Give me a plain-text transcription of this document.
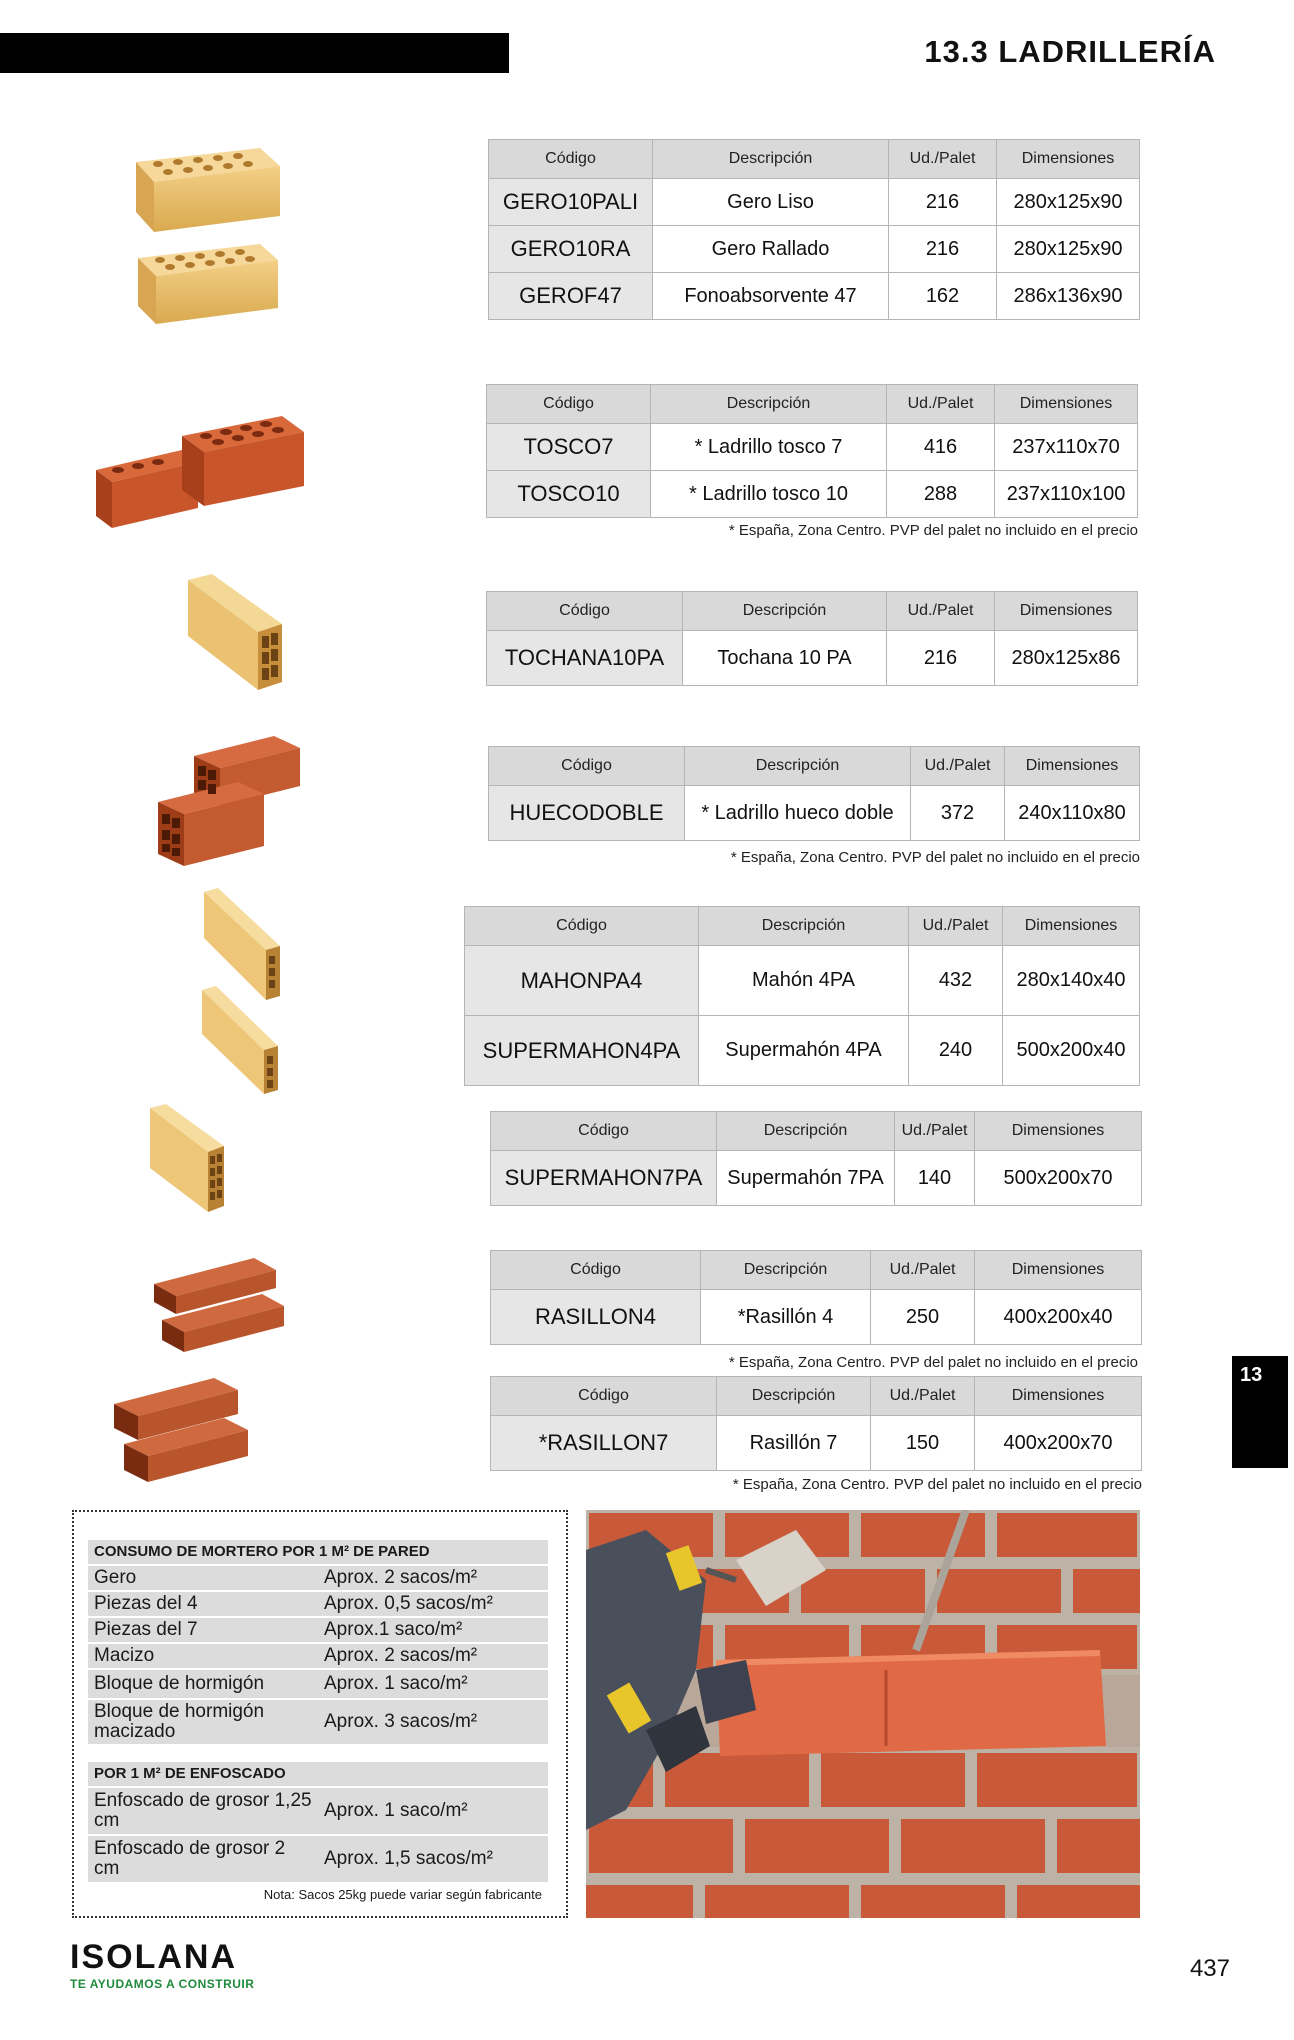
13.3 LADRILLERÍA
Código	Descripción	Ud./Palet	Dimensiones
GERO10PALI	Gero Liso	216	280x125x90
GERO10RA	Gero Rallado	216	280x125x90
GEROF47	Fonoabsorvente 47	162	286x136x90
Código	Descripción	Ud./Palet	Dimensiones
TOSCO7	* Ladrillo tosco 7	416	237x110x70
TOSCO10	* Ladrillo tosco 10	288	237x110x100
* España, Zona Centro. PVP del palet no incluido en el precio
Código	Descripción	Ud./Palet	Dimensiones
TOCHANA10PA	Tochana 10 PA	216	280x125x86
Código	Descripción	Ud./Palet	Dimensiones
HUECODOBLE	* Ladrillo hueco doble	372	240x110x80
* España, Zona Centro. PVP del palet no incluido en el precio
Código	Descripción	Ud./Palet	Dimensiones
MAHONPA4	Mahón 4PA	432	280x140x40
SUPERMAHON4PA	Supermahón 4PA	240	500x200x40
Código	Descripción	Ud./Palet	Dimensiones
SUPERMAHON7PA	Supermahón 7PA	140	500x200x70
Código	Descripción	Ud./Palet	Dimensiones
RASILLON4	*Rasillón 4	250	400x200x40
* España, Zona Centro. PVP del palet no incluido en el precio
Código	Descripción	Ud./Palet	Dimensiones
*RASILLON7	Rasillón 7	150	400x200x70
* España, Zona Centro. PVP del palet no incluido en el precio
13
CONSUMO DE MORTERO POR 1 M² DE PARED	
Gero	Aprox. 2 sacos/m²
Piezas del 4	Aprox. 0,5 sacos/m²
Piezas del 7	Aprox.1 saco/m²
Macizo	Aprox. 2 sacos/m²
Bloque de hormigón	Aprox. 1 saco/m²
Bloque de hormigón macizado	Aprox. 3 sacos/m²
POR 1 M² DE ENFOSCADO	
Enfoscado de grosor 1,25 cm	Aprox. 1 saco/m²
Enfoscado de grosor 2 cm	Aprox. 1,5 sacos/m²
Nota: Sacos 25kg puede variar según fabricante
ISOLANA
TE AYUDAMOS A CONSTRUIR
437
